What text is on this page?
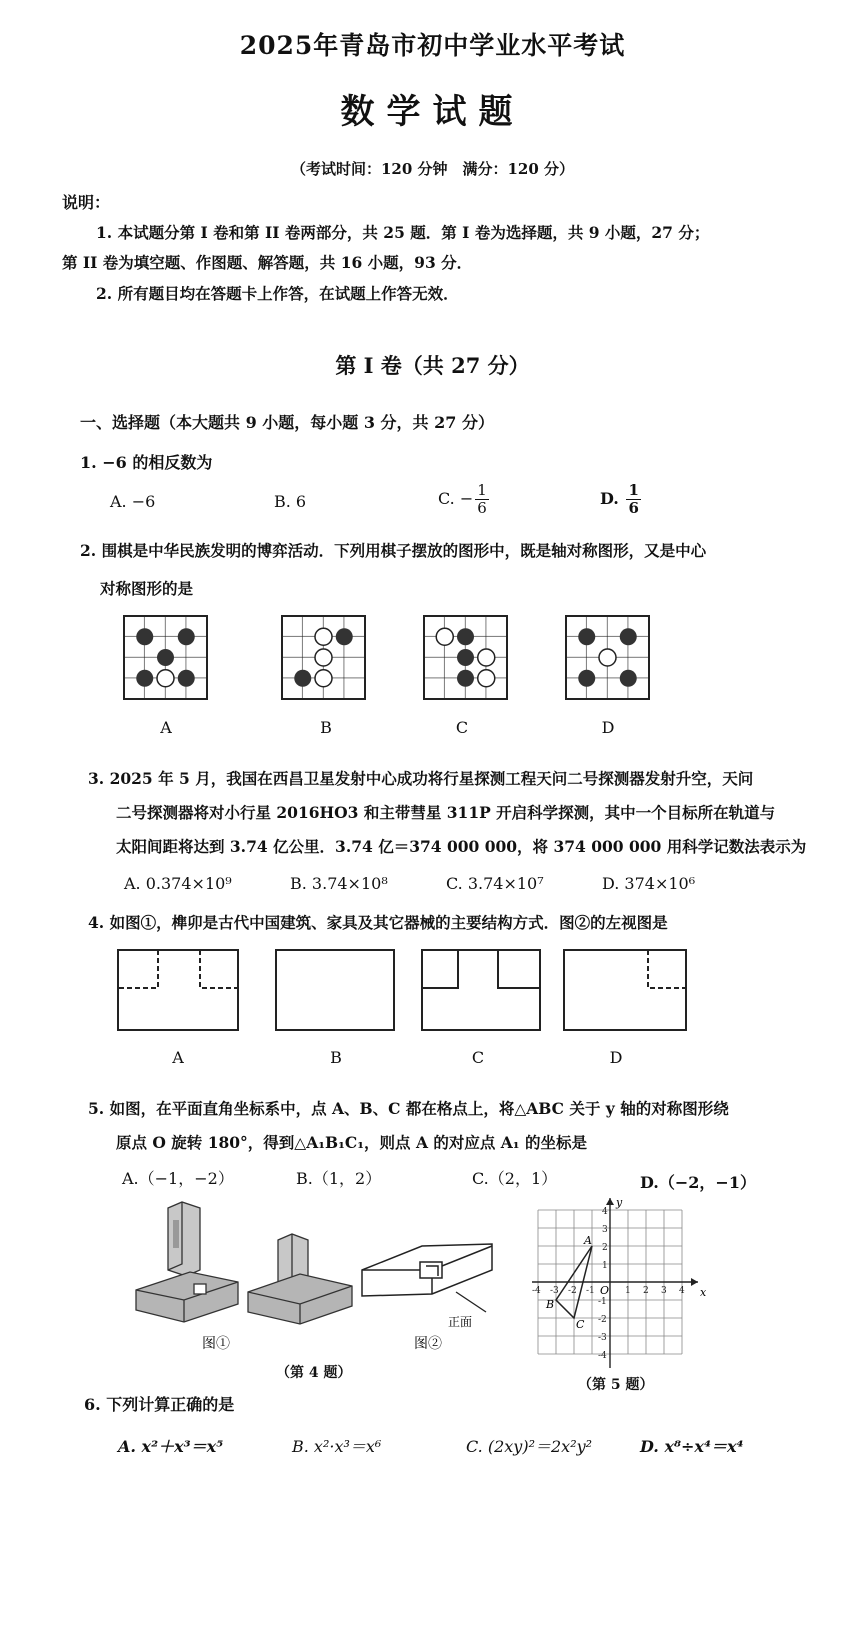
2025年青岛市初中学业水平考试
数学试题
（考试时间：120 分钟　满分：120 分）
说明：
1. 本试题分第 I 卷和第 II 卷两部分，共 25 题．第 I 卷为选择题，共 9 小题，27 分；
第 II 卷为填空题、作图题、解答题，共 16 小题，93 分．
2. 所有题目均在答题卡上作答，在试题上作答无效．
第 I 卷（共 27 分）
一、选择题（本大题共 9 小题，每小题 3 分，共 27 分）
1. −6 的相反数为
A. −6	B. 6	C. − $\frac{1}{6}$	D. $\frac{1}{6}$
2. 围棋是中华民族发明的博弈活动．下列用棋子摆放的图形中，既是轴对称图形，又是中心
对称图形的是
A	B	C	D
3. 2025 年 5 月，我国在西昌卫星发射中心成功将行星探测工程天问二号探测器发射升空，天问
二号探测器将对小行星 2016HO3 和主带彗星 311P 开启科学探测，其中一个目标所在轨道与
太阳间距将达到 3.74 亿公里．3.74 亿＝374 000 000，将 374 000 000 用科学记数法表示为
A. 0.374×10⁹	B. 3.74×10⁸	C. 3.74×10⁷	D. 374×10⁶
4. 如图①，榫卯是古代中国建筑、家具及其它器械的主要结构方式．图②的左视图是
A	B	C	D
5. 如图，在平面直角坐标系中，点 A、B、C 都在格点上，将△ABC 关于 y 轴的对称图形绕
原点 O 旋转 180°，得到△A₁B₁C₁，则点 A 的对应点 A₁ 的坐标是
A.（−1，−2）	B.（1，2）	C.（2，1）	D.（−2，−1）
图①
正面
图②
（第 4 题）
x
y
O
-4 -3 -2 -1	1 2 3 4
4
3
2
1
-1
-2
-3
-4
A
B
C
（第 5 题）
6. 下列计算正确的是
A. x²＋x³＝x⁵	B. x²·x³＝x⁶	C. (2xy)²＝2x²y²	D. x⁸÷x⁴＝x⁴
